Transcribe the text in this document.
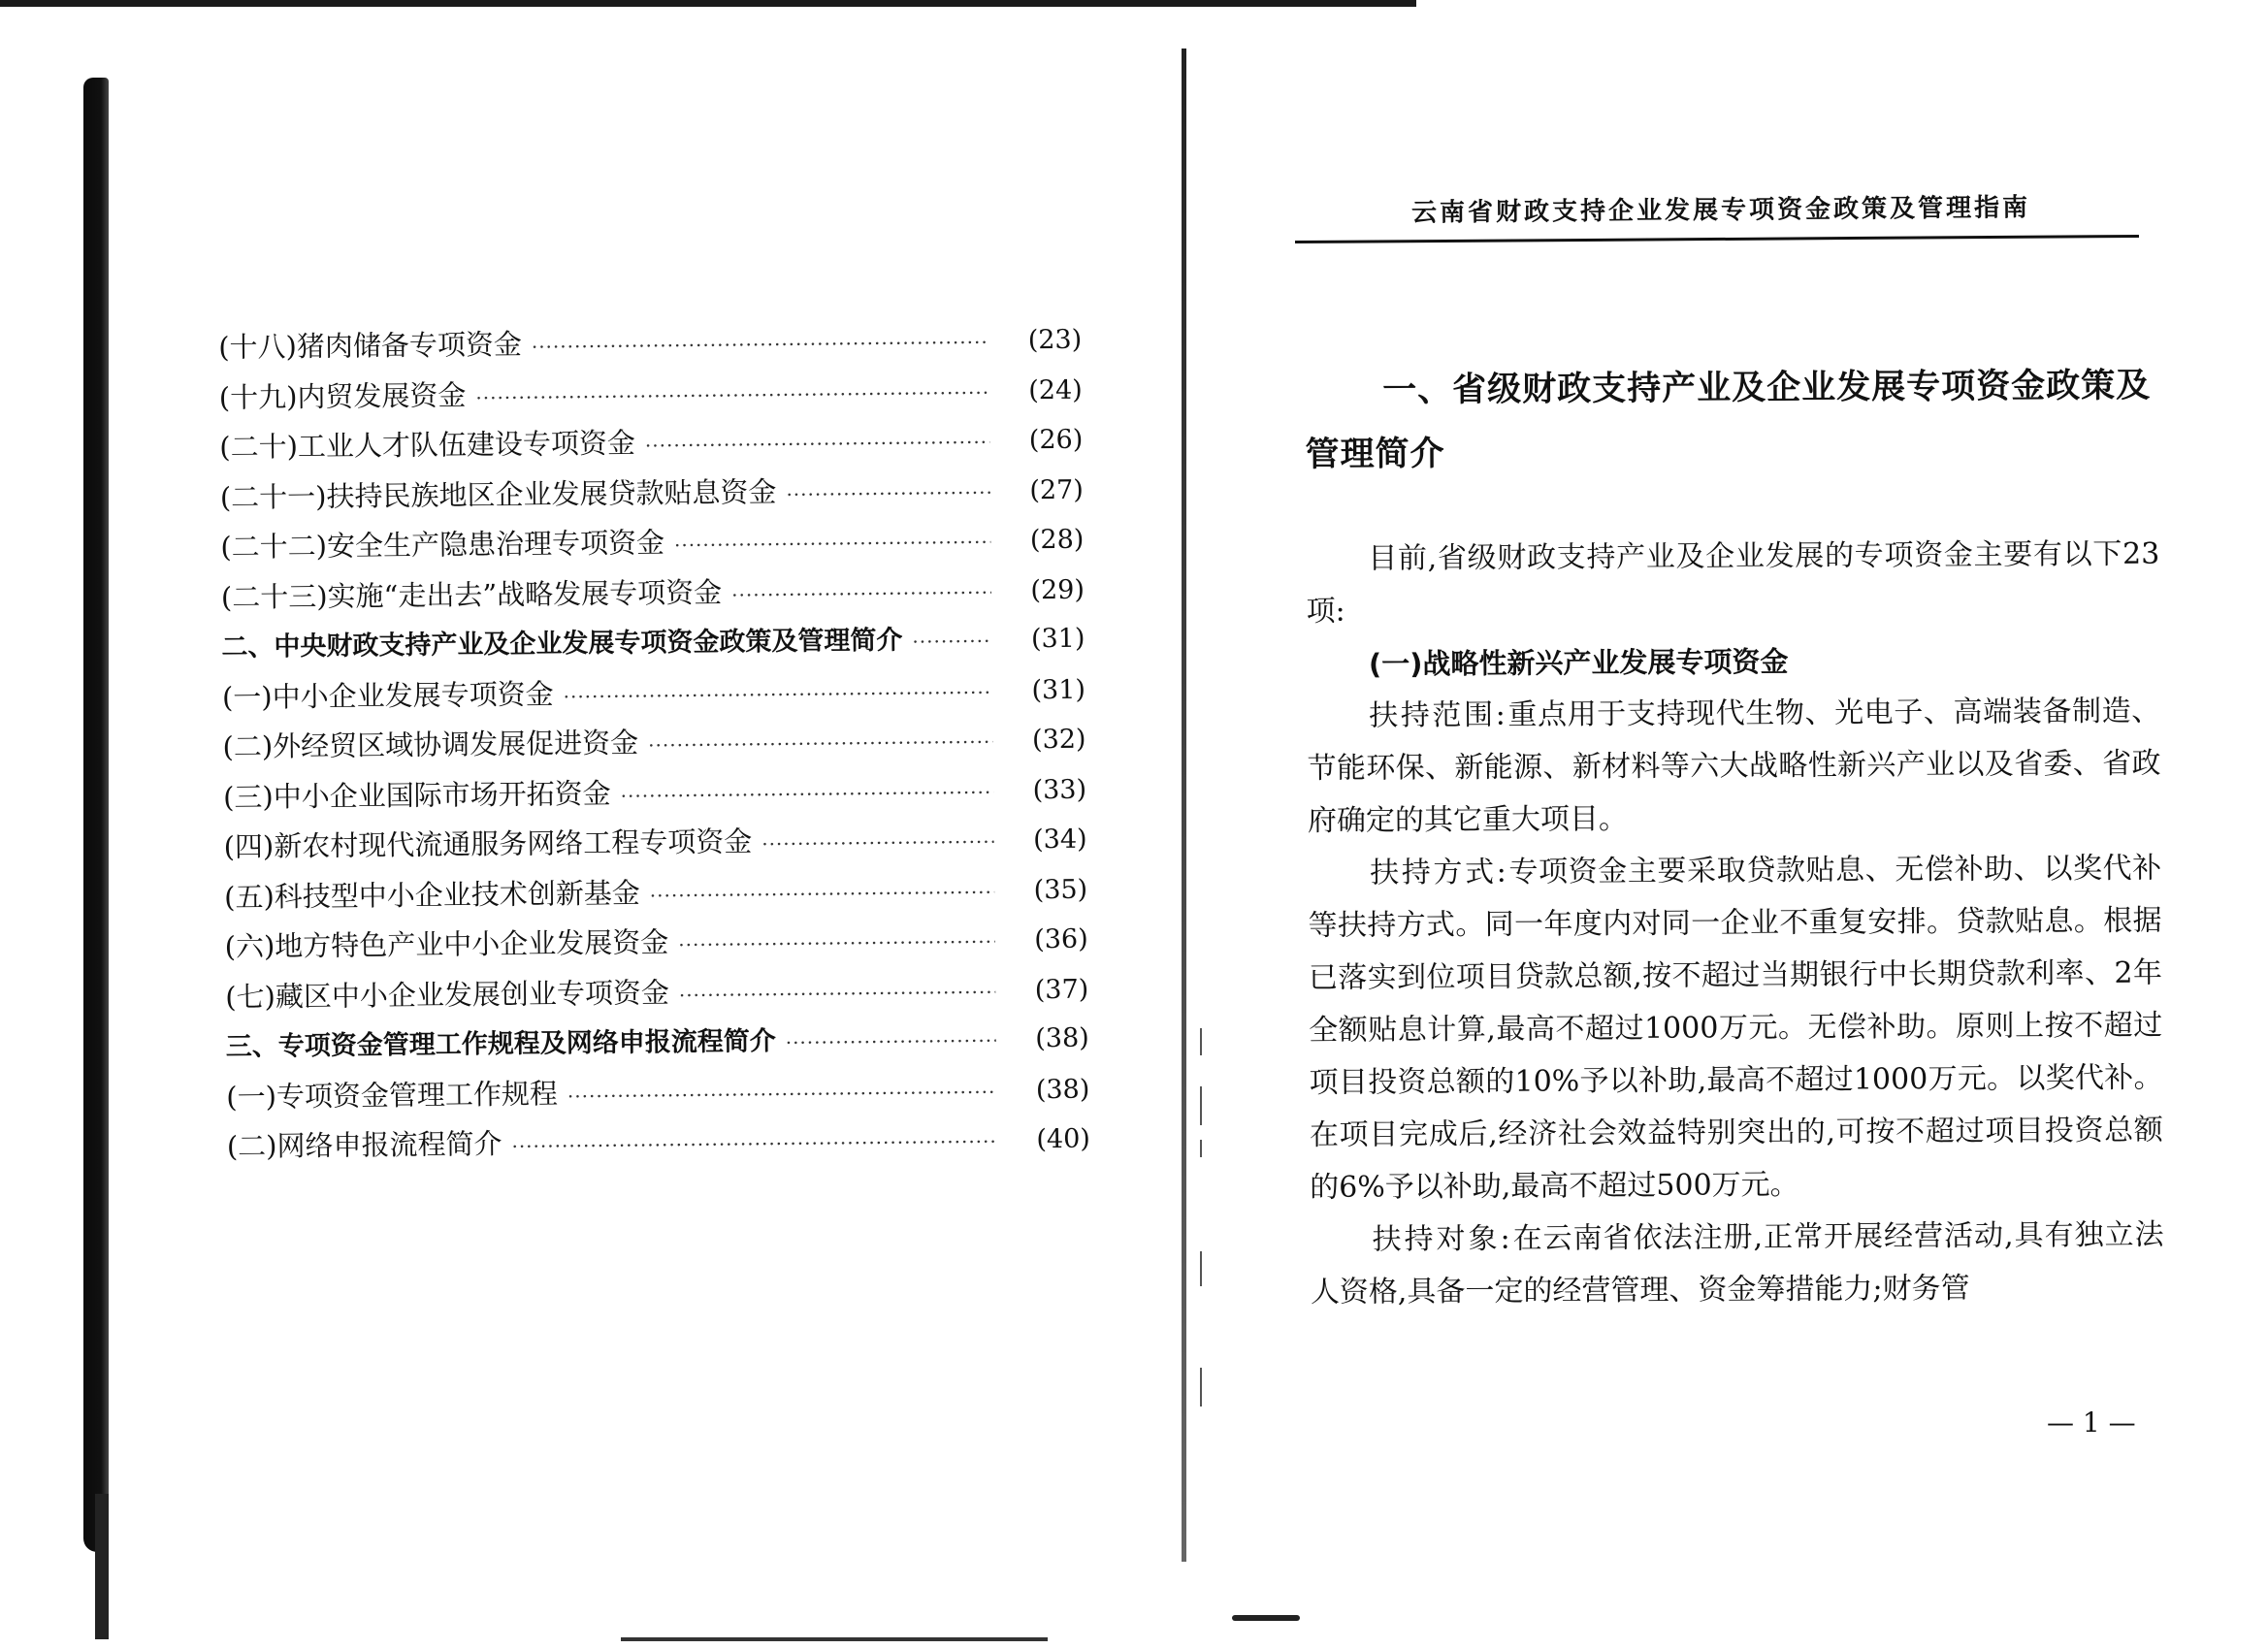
(十八)猪肉储备专项资金 ·····	(23)
(十九)内贸发展资金 ·····	(24)
(二十)工业人才队伍建设专项资金 ·····	(26)
(二十一)扶持民族地区企业发展贷款贴息资金 ·····	(27)
(二十二)安全生产隐患治理专项资金 ·····	(28)
(二十三)实施“走出去”战略发展专项资金 ·····	(29)
二、中央财政支持产业及企业发展专项资金政策及管理简介 ·····	(31)
(一)中小企业发展专项资金 ·····	(31)
(二)外经贸区域协调发展促进资金 ·····	(32)
(三)中小企业国际市场开拓资金 ·····	(33)
(四)新农村现代流通服务网络工程专项资金 ·····	(34)
(五)科技型中小企业技术创新基金 ·····	(35)
(六)地方特色产业中小企业发展资金 ·····	(36)
(七)藏区中小企业发展创业专项资金 ·····	(37)
三、专项资金管理工作规程及网络申报流程简介 ·····	(38)
(一)专项资金管理工作规程 ·····	(38)
(二)网络申报流程简介 ·····	(40)
云南省财政支持企业发展专项资金政策及管理指南
一、省级财政支持产业及企业发展专项资金政策及管理简介

目前,省级财政支持产业及企业发展的专项资金主要有以下23项:

(一)战略性新兴产业发展专项资金

扶持范围:重点用于支持现代生物、光电子、高端装备制造、节能环保、新能源、新材料等六大战略性新兴产业以及省委、省政府确定的其它重大项目。

扶持方式:专项资金主要采取贷款贴息、无偿补助、以奖代补等扶持方式。同一年度内对同一企业不重复安排。贷款贴息。根据已落实到位项目贷款总额,按不超过当期银行中长期贷款利率、2年全额贴息计算,最高不超过1000万元。无偿补助。原则上按不超过项目投资总额的10%予以补助,最高不超过1000万元。以奖代补。在项目完成后,经济社会效益特别突出的,可按不超过项目投资总额的6%予以补助,最高不超过500万元。

扶持对象:在云南省依法注册,正常开展经营活动,具有独立法人资格,具备一定的经营管理、资金筹措能力;财务管

— 1 —
